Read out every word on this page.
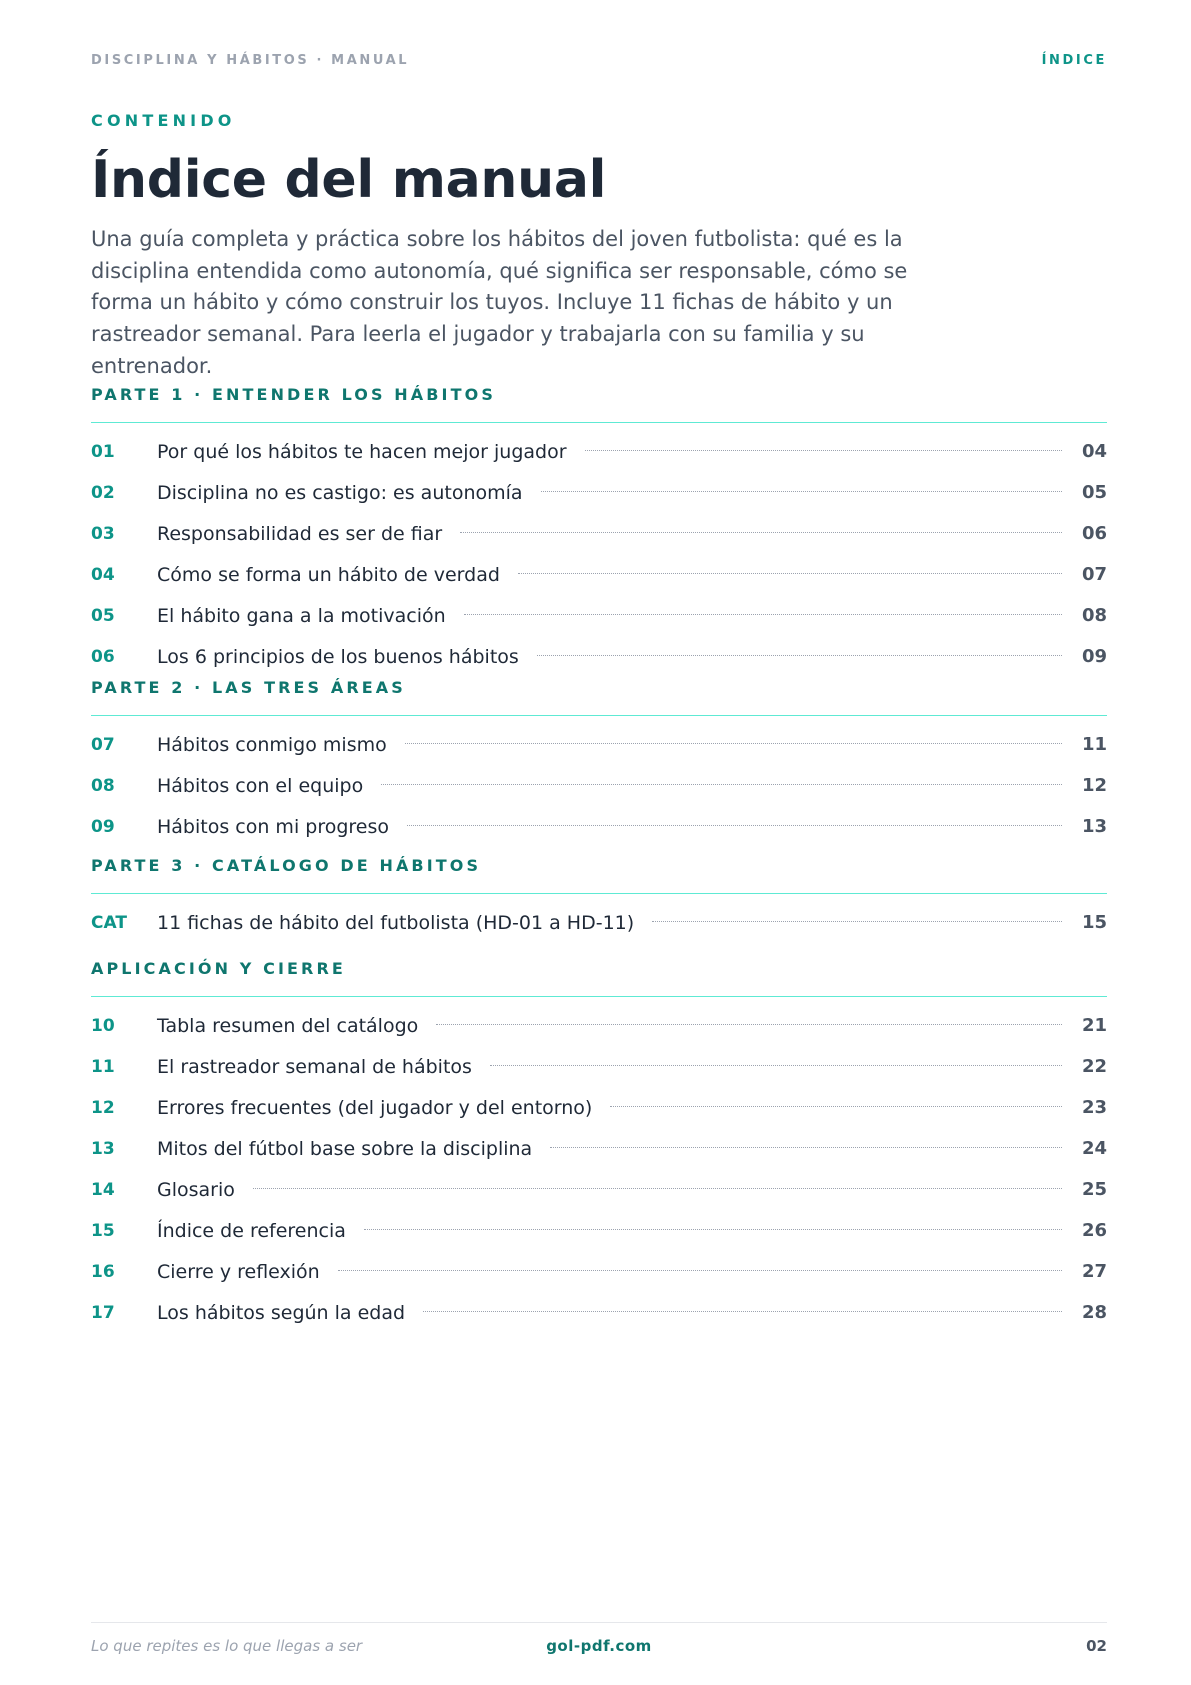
DISCIPLINA Y HÁBITOS · MANUAL	ÍNDICE
CONTENIDO
Índice del manual

Una guía completa y práctica sobre los hábitos del joven futbolista: qué es la disciplina entendida como autonomía, qué significa ser responsable, cómo se forma un hábito y cómo construir los tuyos. Incluye 11 fichas de hábito y un rastreador semanal. Para leerla el jugador y trabajarla con su familia y su entrenador.

PARTE 1 · ENTENDER LOS HÁBITOS
01	Por qué los hábitos te hacen mejor jugador	04
02	Disciplina no es castigo: es autonomía	05
03	Responsabilidad es ser de fiar	06
04	Cómo se forma un hábito de verdad	07
05	El hábito gana a la motivación	08
06	Los 6 principios de los buenos hábitos	09
PARTE 2 · LAS TRES ÁREAS
07	Hábitos conmigo mismo	11
08	Hábitos con el equipo	12
09	Hábitos con mi progreso	13
PARTE 3 · CATÁLOGO DE HÁBITOS
CAT	11 fichas de hábito del futbolista (HD-01 a HD-11)	15
APLICACIÓN Y CIERRE
10	Tabla resumen del catálogo	21
11	El rastreador semanal de hábitos	22
12	Errores frecuentes (del jugador y del entorno)	23
13	Mitos del fútbol base sobre la disciplina	24
14	Glosario	25
15	Índice de referencia	26
16	Cierre y reflexión	27
17	Los hábitos según la edad	28
Lo que repites es lo que llegas a ser	gol-pdf.com	02
